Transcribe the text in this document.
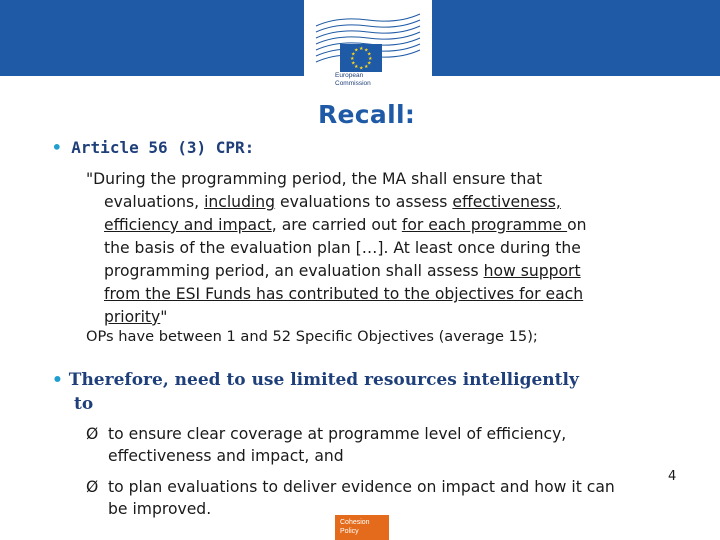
★ ★
★
★
★
★
★
★
★
★
★
★
European
Commission
Recall:
• Article 56 (3) CPR:
"During the programming period, the MA shall ensure that
evaluations, including evaluations to assess effectiveness,
efficiency and impact, are carried out for each programme on
the basis of the evaluation plan […]. At least once during the
programming period, an evaluation shall assess how support
from the ESI Funds has contributed to the objectives for each
priority"
OPs have between 1 and 52 Specific Objectives (average 15);
• Therefore, need to use limited resources intelligently
to
Ø to ensure clear coverage at programme level of efficiency,
effectiveness and impact, and
Ø to plan evaluations to deliver evidence on impact and how it can
be improved.
4
Cohesion
Policy
